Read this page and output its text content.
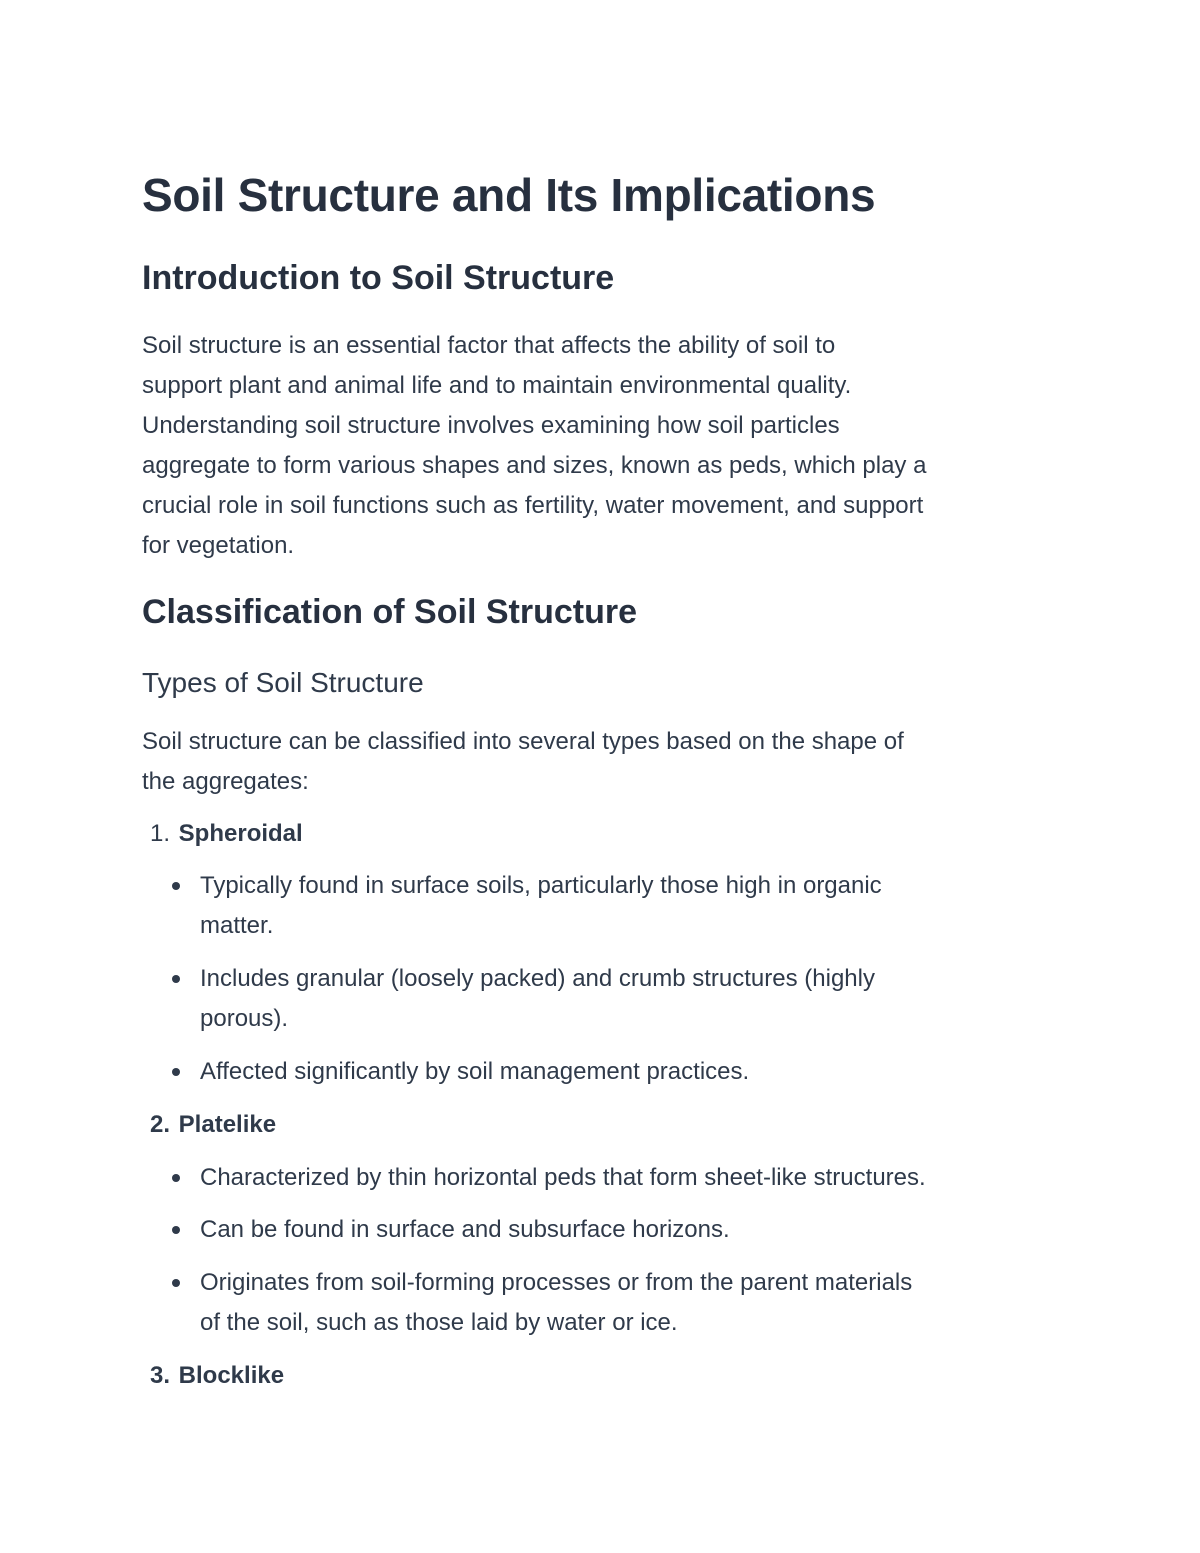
Soil Structure and Its Implications
Introduction to Soil Structure

Soil structure is an essential factor that affects the ability of soil to
support plant and animal life and to maintain environmental quality.
Understanding soil structure involves examining how soil particles
aggregate to form various shapes and sizes, known as peds, which play a
crucial role in soil functions such as fertility, water movement, and support
for vegetation.

Classification of Soil Structure
Types of Soil Structure

Soil structure can be classified into several types based on the shape of
the aggregates:

1. Spheroidal
Typically found in surface soils, particularly those high in organic
matter.
Includes granular (loosely packed) and crumb structures (highly
porous).
Affected significantly by soil management practices.
2. Platelike
Characterized by thin horizontal peds that form sheet-like structures.
Can be found in surface and subsurface horizons.
Originates from soil-forming processes or from the parent materials
of the soil, such as those laid by water or ice.
3. Blocklike
